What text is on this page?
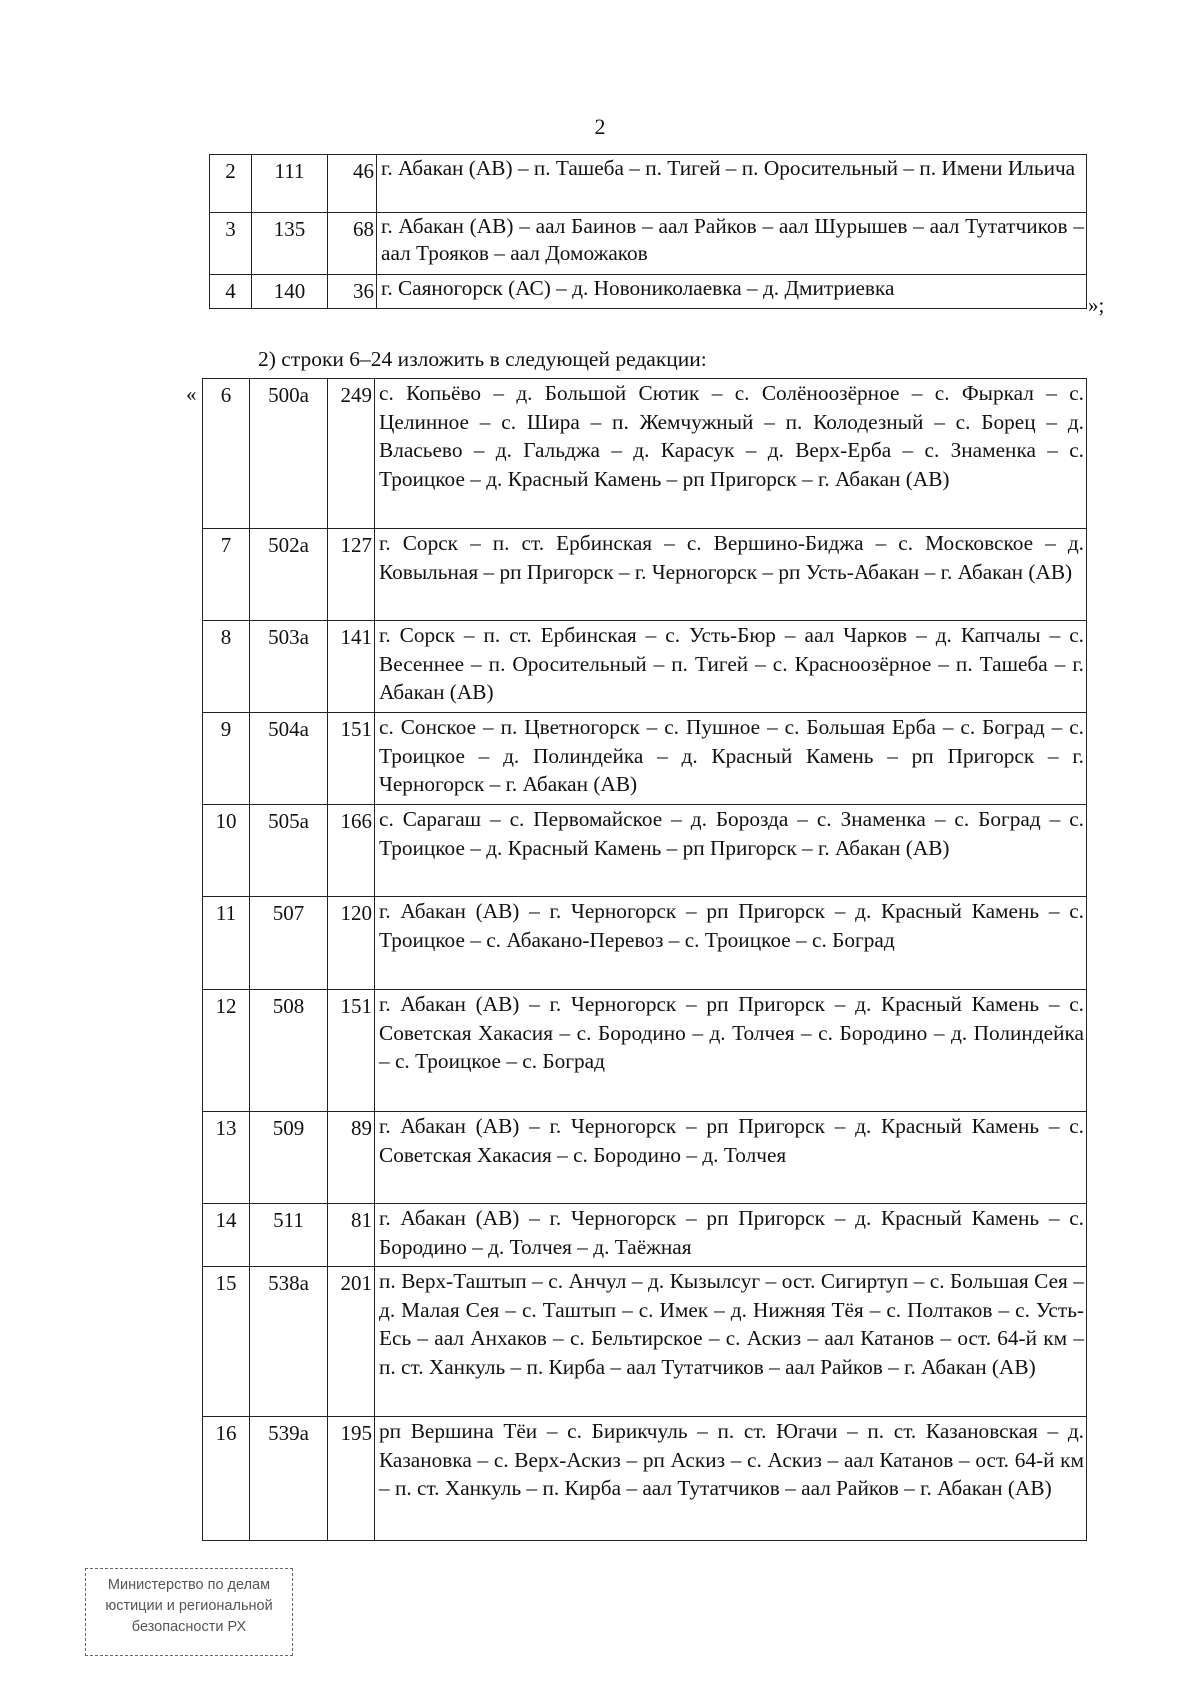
2
2	111	46	г. Абакан (АВ) – п. Ташеба – п. Тигей – п. Оросительный – п. Имени Ильича
3	135	68	г. Абакан (АВ) – аал Баинов – аал Райков – аал Шурышев – аал Тутатчиков – аал Трояков – аал Доможаков
4	140	36	г. Саяногорск (АС) – д. Новониколаевка – д. Дмитриевка
»;
2) строки 6–24 изложить в следующей редакции:
« 6	500а	249	с. Копьёво – д. Большой Сютик – с. Солёноозёрное – с. Фыркал – с. Целинное – с. Шира – п. Жемчужный – п. Колодезный – с. Борец – д. Власьево – д. Гальджа – д. Карасук – д. Верх-Ерба – с. Знаменка – с. Троицкое – д. Красный Камень – рп Пригорск – г. Абакан (АВ)
7	502а	127	г. Сорск – п. ст. Ербинская – с. Вершино-Биджа – с. Московское – д. Ковыльная – рп Пригорск – г. Черногорск – рп Усть-Абакан – г. Абакан (АВ)
8	503а	141	г. Сорск – п. ст. Ербинская – с. Усть-Бюр – аал Чарков – д. Капчалы – с. Весеннее – п. Оросительный – п. Тигей – с. Красноозёрное – п. Ташеба – г. Абакан (АВ)
9	504а	151	с. Сонское – п. Цветногорск – с. Пушное – с. Большая Ерба – с. Боград – с. Троицкое – д. Полиндейка – д. Красный Камень – рп Пригорск – г. Черногорск – г. Абакан (АВ)
10	505а	166	с. Сарагаш – с. Первомайское – д. Борозда – с. Знаменка – с. Боград – с. Троицкое – д. Красный Камень – рп Пригорск – г. Абакан (АВ)
11	507	120	г. Абакан (АВ) – г. Черногорск – рп Пригорск – д. Красный Камень – с. Троицкое – с. Абакано-Перевоз – с. Троицкое – с. Боград
12	508	151	г. Абакан (АВ) – г. Черногорск – рп Пригорск – д. Красный Камень – с. Советская Хакасия – с. Бородино – д. Толчея – с. Бородино – д. Полиндейка – с. Троицкое – с. Боград
13	509	89	г. Абакан (АВ) – г. Черногорск – рп Пригорск – д. Красный Камень – с. Советская Хакасия – с. Бородино – д. Толчея
14	511	81	г. Абакан (АВ) – г. Черногорск – рп Пригорск – д. Красный Камень – с. Бородино – д. Толчея – д. Таёжная
15	538а	201	п. Верх-Таштып – с. Анчул – д. Кызылсуг – ост. Сигиртуп – с. Большая Сея – д. Малая Сея – с. Таштып – с. Имек – д. Нижняя Тёя – с. Полтаков – с. Усть-Есь – аал Анхаков – с. Бельтирское – с. Аскиз – аал Катанов – ост. 64-й км – п. ст. Ханкуль – п. Кирба – аал Тутатчиков – аал Райков – г. Абакан (АВ)
16	539а	195	рп Вершина Тёи – с. Бирикчуль – п. ст. Югачи – п. ст. Казановская – д. Казановка – с. Верх-Аскиз – рп Аскиз – с. Аскиз – аал Катанов – ост. 64-й км – п. ст. Ханкуль – п. Кирба – аал Тутатчиков – аал Райков – г. Абакан (АВ)
Министерство по делам
юстиции и региональной
безопасности РХ
